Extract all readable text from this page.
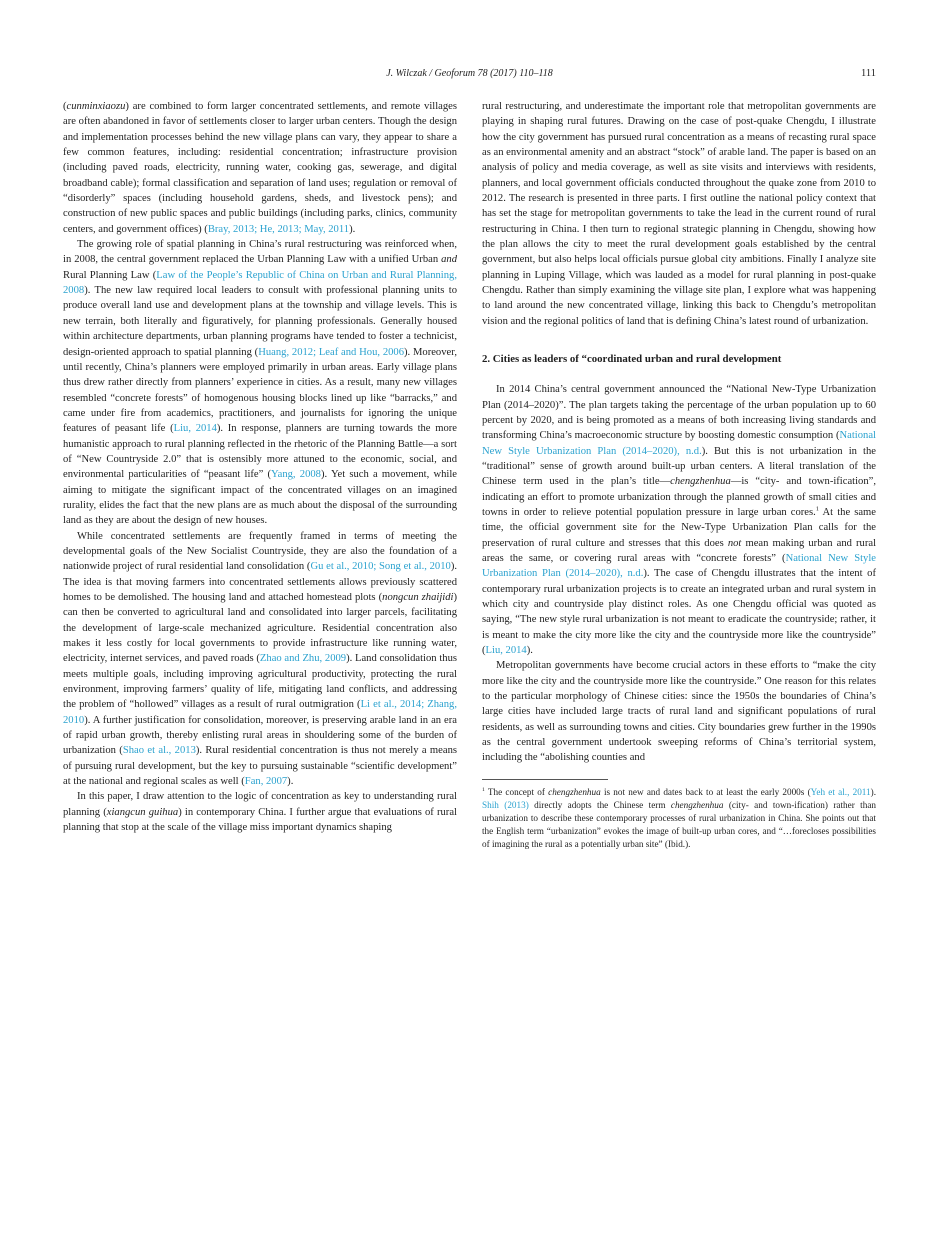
J. Wilczak / Geoforum 78 (2017) 110–118	111

(cunminxiaozu) are combined to form larger concentrated settlements, and remote villages are often abandoned in favor of settlements closer to larger urban centers. Though the design and implementation processes behind the new village plans can vary, they appear to share a few common features, including: residential concentration; infrastructure provision (including paved roads, electricity, running water, cooking gas, sewerage, and digital broadband cable); formal classification and separation of land uses; regulation or removal of “disorderly” spaces (including household gardens, sheds, and livestock pens); and construction of new public spaces and public buildings (including parks, clinics, community centers, and government offices) (Bray, 2013; He, 2013; May, 2011).

The growing role of spatial planning in China’s rural restructuring was reinforced when, in 2008, the central government replaced the Urban Planning Law with a unified Urban and Rural Planning Law (Law of the People’s Republic of China on Urban and Rural Planning, 2008). The new law required local leaders to consult with professional planning units to produce overall land use and development plans at the township and village levels. This is new terrain, both literally and figuratively, for planning professionals. Generally housed within architecture departments, urban planning programs have tended to foster a technicist, design-oriented approach to spatial planning (Huang, 2012; Leaf and Hou, 2006). Moreover, until recently, China’s planners were employed primarily in urban areas. Early village plans thus drew rather directly from planners’ experience in cities. As a result, many new villages resembled “concrete forests” of homogenous housing blocks lined up like “barracks,” and came under fire from academics, practitioners, and journalists for ignoring the unique features of peasant life (Liu, 2014). In response, planners are turning towards the more humanistic approach to rural planning reflected in the rhetoric of the Planning Battle—a sort of “New Countryside 2.0” that is ostensibly more attuned to the economic, social, and environmental particularities of “peasant life” (Yang, 2008). Yet such a movement, while aiming to mitigate the significant impact of the concentrated villages on an imagined rurality, elides the fact that the new plans are as much about the disposal of the surrounding land as they are about the design of new houses.

While concentrated settlements are frequently framed in terms of meeting the developmental goals of the New Socialist Countryside, they are also the foundation of a nationwide project of rural residential land consolidation (Gu et al., 2010; Song et al., 2010). The idea is that moving farmers into concentrated settlements allows previously scattered homes to be demolished. The housing land and attached homestead plots (nongcun zhaijidi) can then be converted to agricultural land and consolidated into larger parcels, facilitating the development of large-scale mechanized agriculture. Residential concentration also makes it less costly for local governments to provide infrastructure like running water, electricity, internet services, and paved roads (Zhao and Zhu, 2009). Land consolidation thus meets multiple goals, including improving agricultural productivity, protecting the rural environment, improving farmers’ quality of life, mitigating land conflicts, and addressing the problem of “hollowed” villages as a result of rural outmigration (Li et al., 2014; Zhang, 2010). A further justification for consolidation, moreover, is preserving arable land in an era of rapid urban growth, thereby enlisting rural areas in shouldering some of the burden of urbanization (Shao et al., 2013). Rural residential concentration is thus not merely a means of pursuing rural development, but the key to pursuing sustainable “scientific development” at the national and regional scales as well (Fan, 2007).

In this paper, I draw attention to the logic of concentration as key to understanding rural planning (xiangcun guihua) in contemporary China. I further argue that evaluations of rural planning that stop at the scale of the village miss important dynamics shaping

rural restructuring, and underestimate the important role that metropolitan governments are playing in shaping rural futures. Drawing on the case of post-quake Chengdu, I illustrate how the city government has pursued rural concentration as a means of recasting rural space as an environmental amenity and an abstract “stock” of arable land. The paper is based on an analysis of policy and media coverage, as well as site visits and interviews with residents, planners, and local government officials conducted throughout the quake zone from 2010 to 2012. The research is presented in three parts. I first outline the national policy context that has set the stage for metropolitan governments to take the lead in the current round of rural restructuring in China. I then turn to regional strategic planning in Chengdu, showing how the plan allows the city to meet the rural development goals established by the central government, but also helps local officials pursue global city ambitions. Finally I analyze site planning in Luping Village, which was lauded as a model for rural planning in post-quake Chengdu. Rather than simply examining the village site plan, I explore what was happening to land around the new concentrated village, linking this back to Chengdu’s metropolitan vision and the regional politics of land that is defining China’s latest round of urbanization.

2. Cities as leaders of “coordinated urban and rural development

In 2014 China’s central government announced the “National New-Type Urbanization Plan (2014–2020)”. The plan targets taking the percentage of the urban population up to 60 percent by 2020, and is being promoted as a means of both increasing living standards and transforming China’s macroeconomic structure by boosting domestic consumption (National New Style Urbanization Plan (2014–2020), n.d.). But this is not urbanization in the “traditional” sense of growth around built-up urban centers. A literal translation of the Chinese term used in the plan’s title—chengzhenhua—is “city- and town-ification”, indicating an effort to promote urbanization through the planned growth of small cities and towns in order to relieve potential population pressure in large urban cores.$^1$ At the same time, the official government site for the New-Type Urbanization Plan calls for the preservation of rural culture and stresses that this does not mean making urban and rural areas the same, or covering rural areas with “concrete forests” (National New Style Urbanization Plan (2014–2020), n.d.). The case of Chengdu illustrates that the intent of contemporary rural urbanization projects is to create an integrated urban and rural system in which city and countryside play distinct roles. As one Chengdu official was quoted as saying, “The new style rural urbanization is not meant to eradicate the countryside; rather, it is meant to make the city more like the city and the countryside more like the countryside” (Liu, 2014).

Metropolitan governments have become crucial actors in these efforts to “make the city more like the city and the countryside more like the countryside.” One reason for this relates to the particular morphology of Chinese cities: since the 1950s the boundaries of China’s large cities have included large tracts of rural land and significant populations of rural residents, as well as surrounding towns and cities. City boundaries grew further in the 1990s as the central government undertook sweeping reforms of China’s territorial system, including the “abolishing counties and

$^1$ The concept of chengzhenhua is not new and dates back to at least the early 2000s (Yeh et al., 2011). Shih (2013) directly adopts the Chinese term chengzhenhua (city- and town-ification) rather than urbanization to describe these contemporary processes of rural urbanization in China. She points out that the English term “urbanization” evokes the image of built-up urban cores, and “…forecloses possibilities of imagining the rural as a potentially urban site” (Ibid.).
